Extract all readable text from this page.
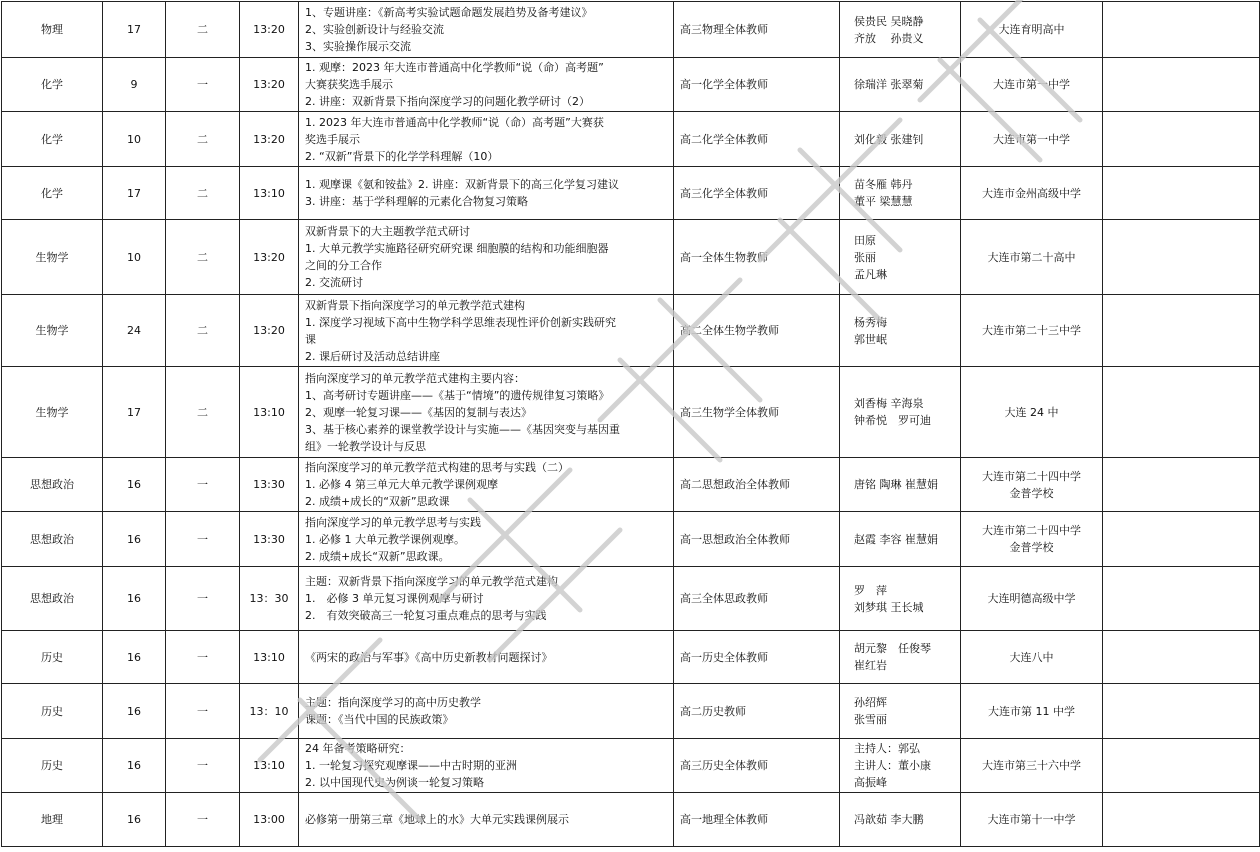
物理	17	二	13:20	1、专题讲座：《新高考实验试题命题发展趋势及备考建议》
2、实验创新设计与经验交流
3、实验操作展示交流	高三物理全体教师	侯贵民 吴晓静
齐放　 孙贵义	大连育明高中	

化学	9	一	13:20	1. 观摩：2023 年大连市普通高中化学教师“说（命）高考题”
大赛获奖选手展示
2. 讲座：双新背景下指向深度学习的问题化教学研讨（2）	高一化学全体教师	徐瑞洋 张翠菊	大连市第一中学	

化学	10	二	13:20	1. 2023 年大连市普通高中化学教师“说（命）高考题”大赛获
奖选手展示
2. “双新”背景下的化学学科理解（10）	高二化学全体教师	刘化毅 张建钊	大连市第一中学	

化学	17	二	13:10	1. 观摩课《氨和铵盐》2. 讲座：双新背景下的高三化学复习建议
3. 讲座：基于学科理解的元素化合物复习策略	高三化学全体教师	苗冬雁 韩丹
董平 梁慧慧	大连市金州高级中学	

生物学	10	二	13:20	双新背景下的大主题教学范式研讨
1. 大单元教学实施路径研究研究课 细胞膜的结构和功能细胞器
之间的分工合作
2. 交流研讨	高一全体生物教师	田原
张丽
孟凡琳	大连市第二十高中	

生物学	24	二	13:20	双新背景下指向深度学习的单元教学范式建构
1. 深度学习视域下高中生物学科学思维表现性评价创新实践研究
课
2. 课后研讨及活动总结讲座	高二全体生物学教师	杨秀梅
郭世岷	大连市第二十三中学	

生物学	17	二	13:10	指向深度学习的单元教学范式建构主要内容：
1、高考研讨专题讲座——《基于“情境”的遗传规律复习策略》
2、观摩一轮复习课——《基因的复制与表达》
3、基于核心素养的课堂教学设计与实施——《基因突变与基因重
组》一轮教学设计与反思	高三生物学全体教师	刘香梅 辛海泉
钟希悦　罗可迪	大连 24 中	

思想政治	16	一	13:30	指向深度学习的单元教学范式构建的思考与实践（二）
1. 必修 4 第三单元大单元教学课例观摩
2. 成绩+成长的“双新”思政课	高二思想政治全体教师	唐铭 陶琳 崔慧娟	大连市第二十四中学
金普学校	

思想政治	16	一	13:30	指向深度学习的单元教学思考与实践
1. 必修 1 大单元教学课例观摩。
2. 成绩+成长“双新”思政课。	高一思想政治全体教师	赵霞 李容 崔慧娟	大连市第二十四中学
金普学校	

思想政治	16	一	13：30	主题：双新背景下指向深度学习的单元教学范式建构
1.　必修 3 单元复习课例观摩与研讨
2.　有效突破高三一轮复习重点难点的思考与实践	高三全体思政教师	罗　萍
刘梦琪 王长城	大连明德高级中学	

历史	16	一	13:10	《两宋的政治与军事》《高中历史新教材问题探讨》	高一历史全体教师	胡元黎　任俊琴
崔红岩	大连八中	

历史	16	一	13：10	主题：指向深度学习的高中历史教学
课题：《当代中国的民族政策》	高二历史教师	孙绍辉
张雪丽	大连市第 11 中学	

历史	16	一	13:10	24 年备考策略研究：
1. 一轮复习探究观摩课——中古时期的亚洲
2. 以中国现代史为例谈一轮复习策略	高三历史全体教师	主持人：郭弘
主讲人：董小康
高振峰	大连市第三十六中学	

地理	16	一	13:00	必修第一册第三章《地球上的水》大单元实践课例展示	高一地理全体教师	冯歆茹 李大鹏	大连市第十一中学	
